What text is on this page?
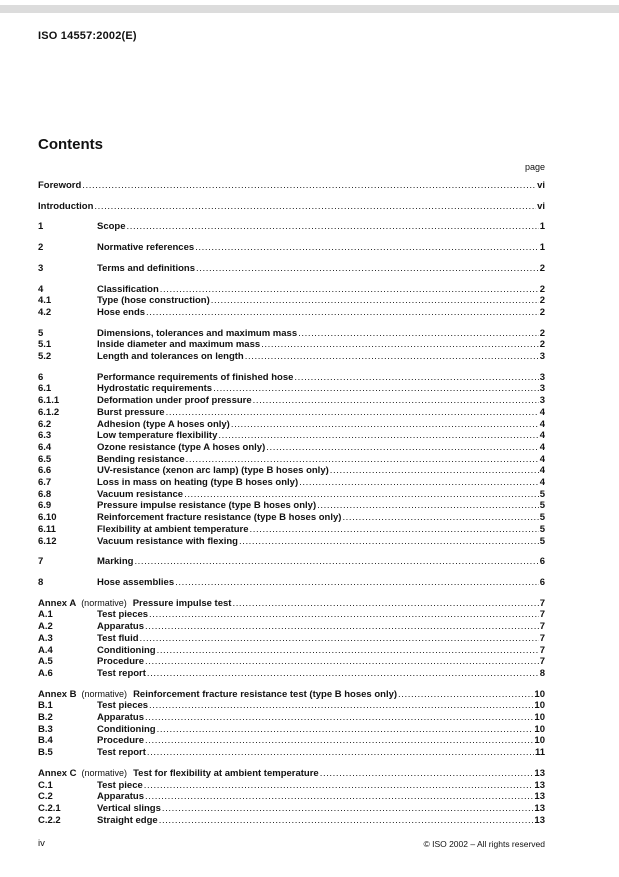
ISO 14557:2002(E)
Contents
page
Foreword .....	vi
Introduction .....	vi
1	Scope .....	1
2	Normative references .....	1
3	Terms and definitions .....	2
4	Classification .....	2
4.1	Type (hose construction) .....	2
4.2	Hose ends .....	2
5	Dimensions, tolerances and maximum mass .....	2
5.1	Inside diameter and maximum mass .....	2
5.2	Length and tolerances on length .....	3
6	Performance requirements of finished hose .....	3
6.1	Hydrostatic requirements .....	3
6.1.1	Deformation under proof pressure .....	3
6.1.2	Burst pressure .....	4
6.2	Adhesion (type A hoses only) .....	4
6.3	Low temperature flexibility .....	4
6.4	Ozone resistance (type A hoses only) .....	4
6.5	Bending resistance .....	4
6.6	UV-resistance (xenon arc lamp) (type B hoses only) .....	4
6.7	Loss in mass on heating (type B hoses only) .....	4
6.8	Vacuum resistance .....	5
6.9	Pressure impulse resistance (type B hoses only) .....	5
6.10	Reinforcement fracture resistance (type B hoses only) .....	5
6.11	Flexibility at ambient temperature .....	5
6.12	Vacuum resistance with flexing .....	5
7	Marking .....	6
8	Hose assemblies .....	6
Annex A (normative) Pressure impulse test .....	7
A.1	Test pieces .....	7
A.2	Apparatus .....	7
A.3	Test fluid .....	7
A.4	Conditioning .....	7
A.5	Procedure .....	7
A.6	Test report .....	8
Annex B (normative) Reinforcement fracture resistance test (type B hoses only) .....	10
B.1	Test pieces .....	10
B.2	Apparatus .....	10
B.3	Conditioning .....	10
B.4	Procedure .....	10
B.5	Test report .....	11
Annex C (normative) Test for flexibility at ambient temperature .....	13
C.1	Test piece .....	13
C.2	Apparatus .....	13
C.2.1	Vertical slings .....	13
C.2.2	Straight edge .....	13
iv	© ISO 2002 – All rights reserved
